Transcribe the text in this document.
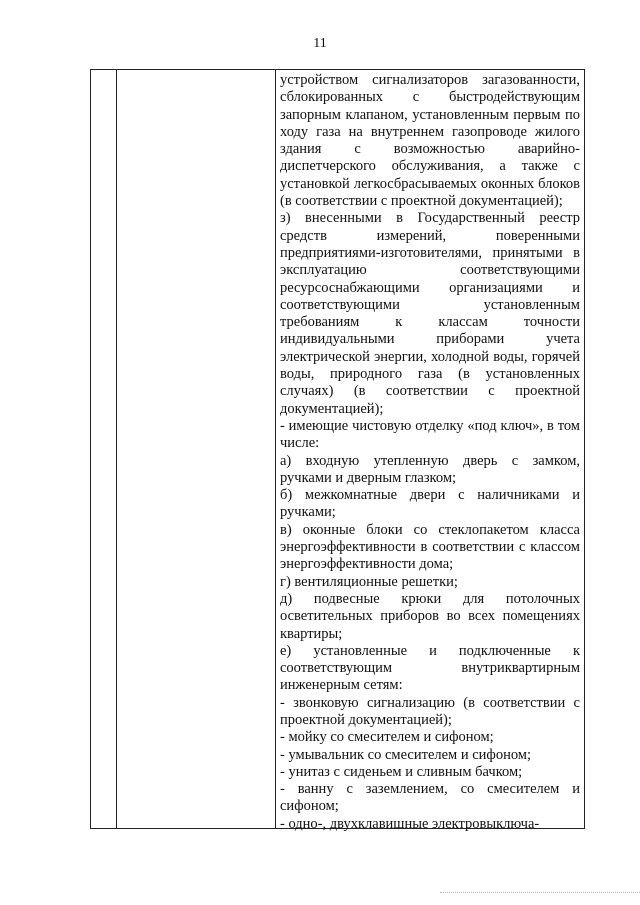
11

устройством сигнализаторов загазованности, сблокированных с быстродействующим запорным клапаном, установленным первым по ходу газа на внутреннем газопроводе жилого здания с возможностью аварийно-диспетчерского обслуживания, а также с установкой легкосбрасываемых оконных блоков (в соответствии с проектной документацией);

з) внесенными в Государственный реестр средств измерений, поверенными предприятиями-изготовителями, принятыми в эксплуатацию соответствующими ресурсоснабжающими организациями и соответствующими установленным требованиям к классам точности индивидуальными приборами учета электрической энергии, холодной воды, горячей воды, природного газа (в установленных случаях) (в соответствии с проектной документацией);

- имеющие чистовую отделку «под ключ», в том числе:

а) входную утепленную дверь с замком, ручками и дверным глазком;

б) межкомнатные двери с наличниками и ручками;

в) оконные блоки со стеклопакетом класса энергоэффективности в соответствии с классом энергоэффективности дома;

г) вентиляционные решетки;

д) подвесные крюки для потолочных осветительных приборов во всех помещениях квартиры;

е) установленные и подключенные к соответствующим внутриквартирным инженерным сетям:

- звонковую сигнализацию (в соответствии с проектной документацией);

- мойку со смесителем и сифоном;

- умывальник со смесителем и сифоном;

- унитаз с сиденьем и сливным бачком;

- ванну с заземлением, со смесителем и сифоном;

- одно-, двухклавишные электровыключа-
